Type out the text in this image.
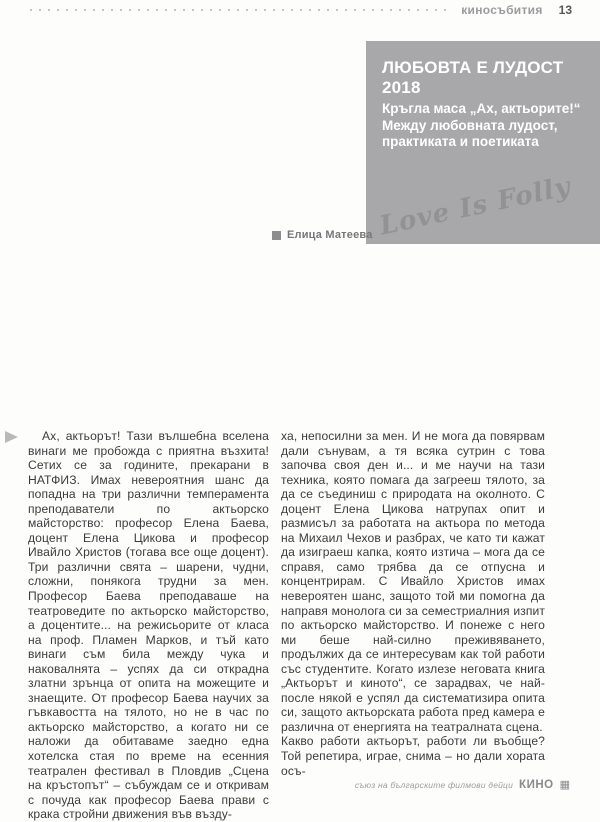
киносъбития 13
ЛЮБОВТА Е ЛУДОСТ 2018
Кръгла маса „Ах, актьорите!“
Между любовната лудост,
практиката и поетиката
Love Is Folly
Елица Матеева

Ах, актьорът! Тази вълшебна вселена винаги ме пробожда с приятна възхита! Сетих се за годините, прекарани в НАТФИЗ. Имах невероятния шанс да попадна на три различни темперамента преподаватели по актьорско майсторство: професор Елена Баева, доцент Елена Цикова и професор Ивайло Христов (тогава все още доцент). Три различни свята – шарени, чудни, сложни, понякога трудни за мен. Професор Баева преподаваше на театроведите по актьорско майсторство, а доцентите... на режисьорите от класа на проф. Пламен Марков, и тъй като винаги съм била между чука и наковалнята – успях да си открадна златни зрънца от опита на можещите и знаещите. От професор Баева научих за гъвкавостта на тялото, но не в час по актьорско майсторство, а когато ни се наложи да обитаваме заедно една хотелска стая по време на есенния театрален фестивал в Пловдив „Сцена на кръстопът“ – събуждам се и откривам с почуда как професор Баева прави с крака стройни движения във възду-

ха, непосилни за мен. И не мога да повярвам дали сънувам, а тя всяка сутрин с това започва своя ден и... и ме научи на тази техника, която помага да загрееш тялото, за да се съединиш с природата на околното. С доцент Елена Цикова натрупах опит и размисъл за работата на актьора по метода на Михаил Чехов и разбрах, че като ти кажат да изиграеш капка, която изтича – мога да се справя, само трябва да се отпусна и концентрирам. С Ивайло Христов имах невероятен шанс, защото той ми помогна да направя монолога си за семестриалния изпит по актьорско майсторство. И понеже с него ми беше най-силно преживяването, продължих да се интересувам как той работи със студентите. Когато излезе неговата книга „Актьорът и киното“, се зарадвах, че най-после някой е успял да систематизира опита си, защото актьорската работа пред камера е различна от енергията на театралната сцена.

Какво работи актьорът, работи ли въобще? Той репетира, играе, снима – но дали хората осъ-

съюз на българските филмови дейци КИНО ▦
